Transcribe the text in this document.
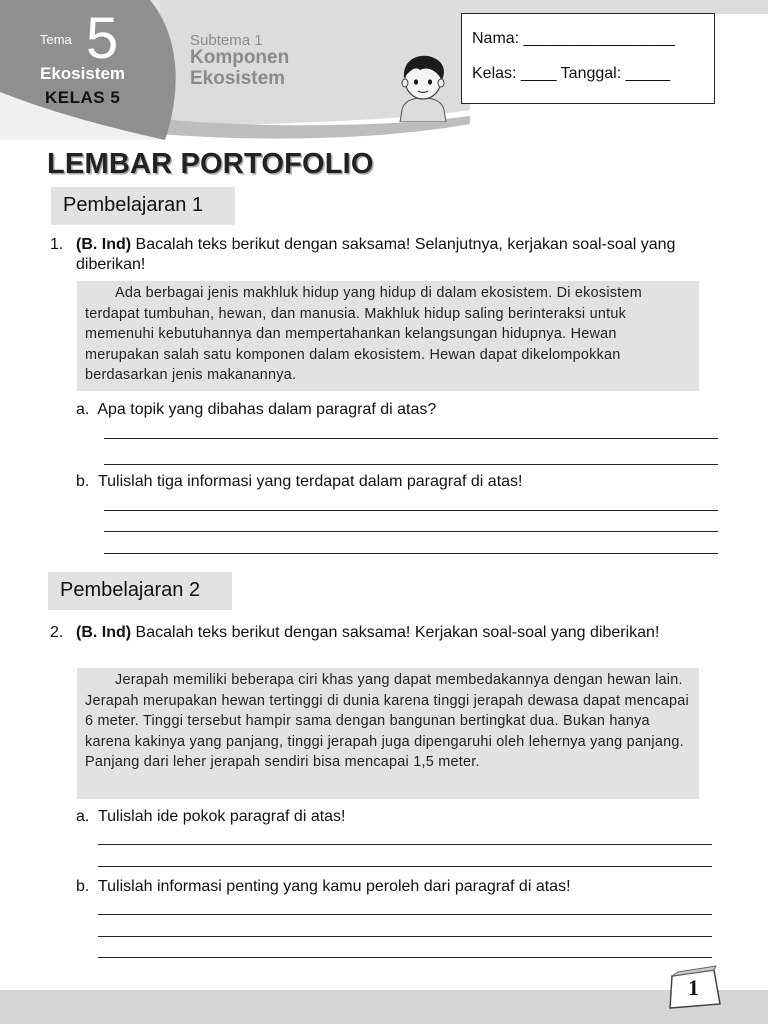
Tema 5
Ekosistem
KELAS 5
Subtema 1
Komponen
Ekosistem
Nama: _________________
Kelas: ____ Tanggal: _____
LEMBAR PORTOFOLIO
Pembelajaran 1
1. (B. Ind) Bacalah teks berikut dengan saksama! Selanjutnya, kerjakan soal-soal yang diberikan!
Ada berbagai jenis makhluk hidup yang hidup di dalam ekosistem. Di ekosistem terdapat tumbuhan, hewan, dan manusia. Makhluk hidup saling berinteraksi untuk memenuhi kebutuhannya dan mempertahankan kelangsungan hidupnya. Hewan merupakan salah satu komponen dalam ekosistem. Hewan dapat dikelompokkan berdasarkan jenis makanannya.
a. Apa topik yang dibahas dalam paragraf di atas?
b. Tulislah tiga informasi yang terdapat dalam paragraf di atas!
Pembelajaran 2
2. (B. Ind) Bacalah teks berikut dengan saksama! Kerjakan soal-soal yang diberikan!
Jerapah memiliki beberapa ciri khas yang dapat membedakannya dengan hewan lain. Jerapah merupakan hewan tertinggi di dunia karena tinggi jerapah dewasa dapat mencapai 6 meter. Tinggi tersebut hampir sama dengan bangunan bertingkat dua. Bukan hanya karena kakinya yang panjang, tinggi jerapah juga dipengaruhi oleh lehernya yang panjang. Panjang dari leher jerapah sendiri bisa mencapai 1,5 meter.
a. Tulislah ide pokok paragraf di atas!
b. Tulislah informasi penting yang kamu peroleh dari paragraf di atas!
1
